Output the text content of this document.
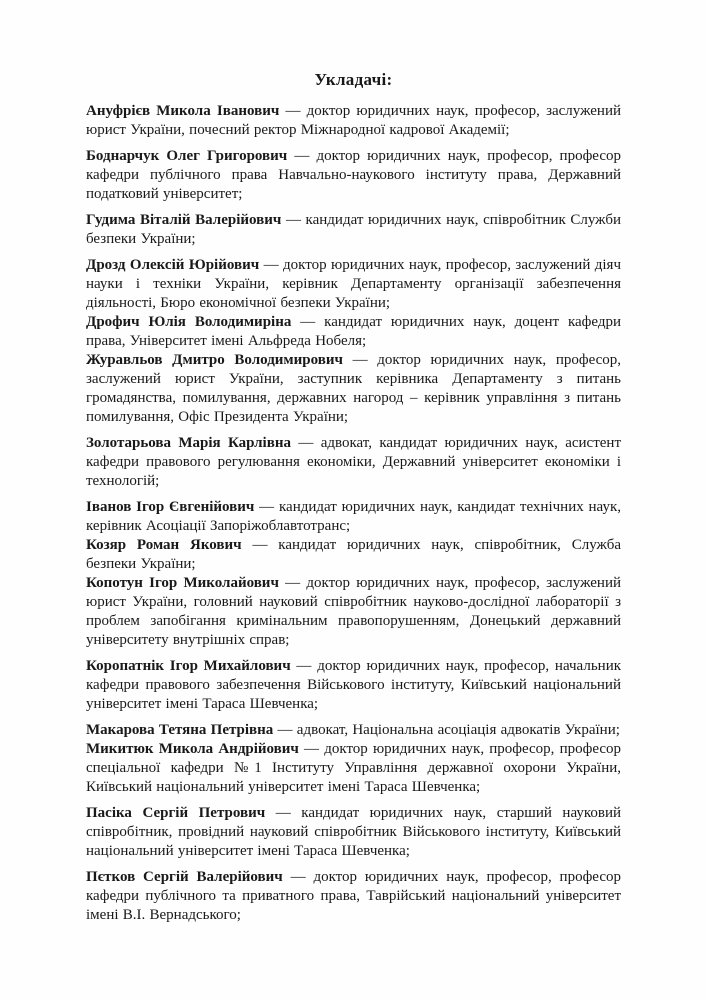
Укладачі:

Ануфрієв Микола Іванович — доктор юридичних наук, професор, заслужений юрист України, почесний ректор Міжнародної кадрової Академії;

Боднарчук Олег Григорович — доктор юридичних наук, професор, професор кафедри публічного права Навчально-наукового інституту права, Державний податковий університет;

Гудима Віталій Валерійович — кандидат юридичних наук, співробітник Служби безпеки України;

Дрозд Олексій Юрійович — доктор юридичних наук, професор, заслужений діяч науки і техніки України, керівник Департаменту організації забезпечення діяльності, Бюро економічної безпеки України;

Дрофич Юлія Володимиріна — кандидат юридичних наук, доцент кафедри права, Університет імені Альфреда Нобеля;

Журавльов Дмитро Володимирович — доктор юридичних наук, професор, заслужений юрист України, заступник керівника Департаменту з питань громадянства, помилування, державних нагород – керівник управління з питань помилування, Офіс Президента України;

Золотарьова Марія Карлівна — адвокат, кандидат юридичних наук, асистент кафедри правового регулювання економіки, Державний університет економіки і технологій;

Іванов Ігор Євгенійович — кандидат юридичних наук, кандидат технічних наук, керівник Асоціації Запоріжоблавтотранс;

Козяр Роман Якович — кандидат юридичних наук, співробітник, Служба безпеки України;

Копотун Ігор Миколайович — доктор юридичних наук, професор, заслужений юрист України, головний науковий співробітник науково-дослідної лабораторії з проблем запобігання кримінальним правопорушенням, Донецький державний університету внутрішніх справ;

Коропатнік Ігор Михайлович — доктор юридичних наук, професор, начальник кафедри правового забезпечення Військового інституту, Київський національний університет імені Тараса Шевченка;

Макарова Тетяна Петрівна — адвокат, Національна асоціація адвокатів України;

Микитюк Микола Андрійович — доктор юридичних наук, професор, професор спеціальної кафедри №1 Інституту Управління державної охорони України, Київський національний університет імені Тараса Шевченка;

Пасіка Сергій Петрович — кандидат юридичних наук, старший науковий співробітник, провідний науковий співробітник Військового інституту, Київський національний університет імені Тараса Шевченка;

Пєтков Сергій Валерійович — доктор юридичних наук, професор, професор кафедри публічного та приватного права, Таврійський національний університет імені В.І. Вернадського;
